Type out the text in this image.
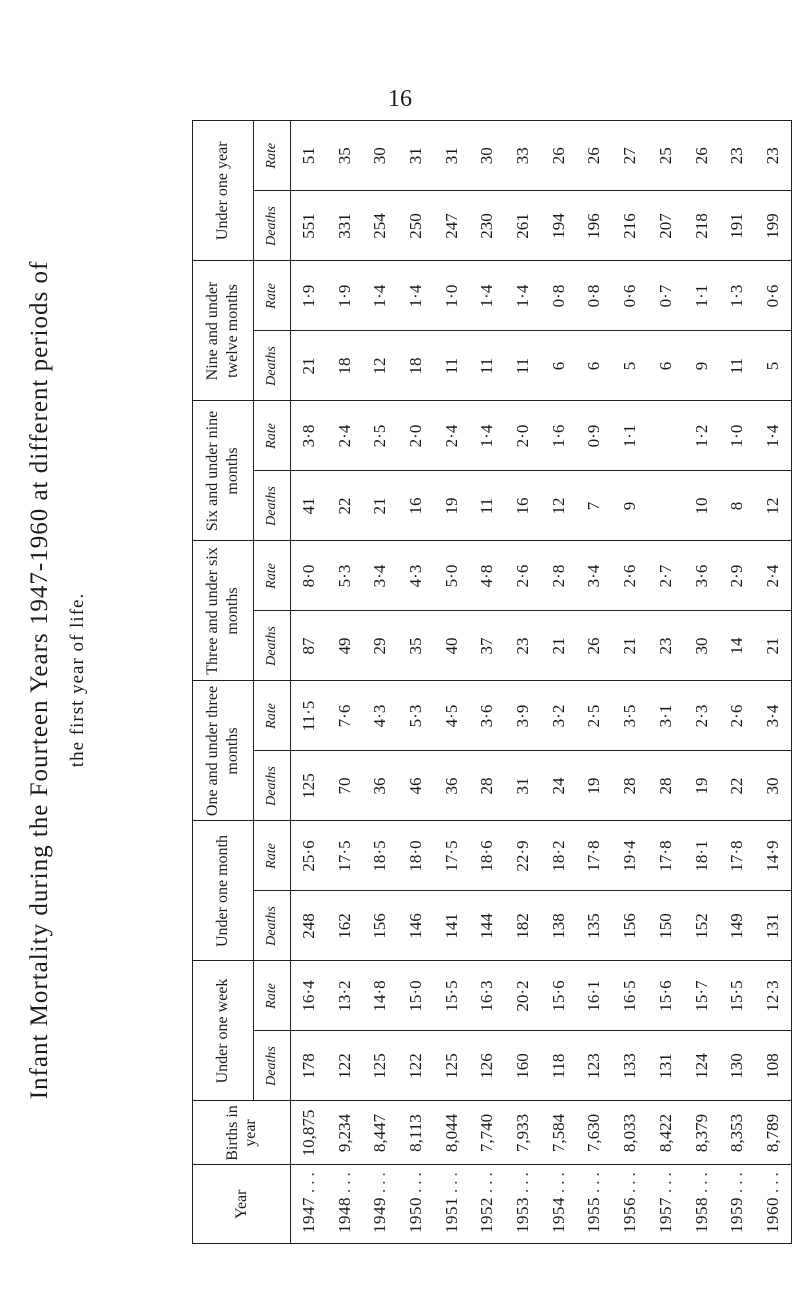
16
Infant Mortality during the Fourteen Years 1947-1960 at different periods of the first year of life.
Year	Births in year	Under one week		Under one month		One and under three months		Three and under six months		Six and under nine months		Nine and under twelve months		Under one year	
		Deaths	Rate	Deaths	Rate	Deaths	Rate	Deaths	Rate	Deaths	Rate	Deaths	Rate	Deaths	Rate
1947...	10,875	178	16·4	248	25·6	125	11·5	87	8·0	41	3·8	21	1·9	551	51
1948...	9,234	122	13·2	162	17·5	70	7·6	49	5·3	22	2·4	18	1·9	331	35
1949...	8,447	125	14·8	156	18·5	36	4·3	29	3·4	21	2·5	12	1·4	254	30
1950...	8,113	122	15·0	146	18·0	46	5·3	35	4·3	16	2·0	18	1·4	250	31
1951...	8,044	125	15·5	141	17·5	36	4·5	40	5·0	19	2·4	11	1·0	247	31
1952...	7,740	126	16·3	144	18·6	28	3·6	37	4·8	11	1·4	11	1·4	230	30
1953...	7,933	160	20·2	182	22·9	31	3·9	23	2·6	16	2·0	11	1·4	261	33
1954...	7,584	118	15·6	138	18·2	24	3·2	21	2·8	12	1·6	6	0·8	194	26
1955...	7,630	123	16·1	135	17·8	19	2·5	26	3·4	7	0·9	6	0·8	196	26
1956...	8,033	133	16·5	156	19·4	28	3·5	21	2·6	9	1·1	5	0·6	216	27
1957...	8,422	131	15·6	150	17·8	28	3·1	23	2·7			6	0·7	207	25
1958...	8,379	124	15·7	152	18·1	19	2·3	30	3·6	10	1·2	9	1·1	218	26
1959...	8,353	130	15·5	149	17·8	22	2·6	14	2·9	8	1·0	11	1·3	191	23
1960...	8,789	108	12·3	131	14·9	30	3·4	21	2·4	12	1·4	5	0·6	199	23
